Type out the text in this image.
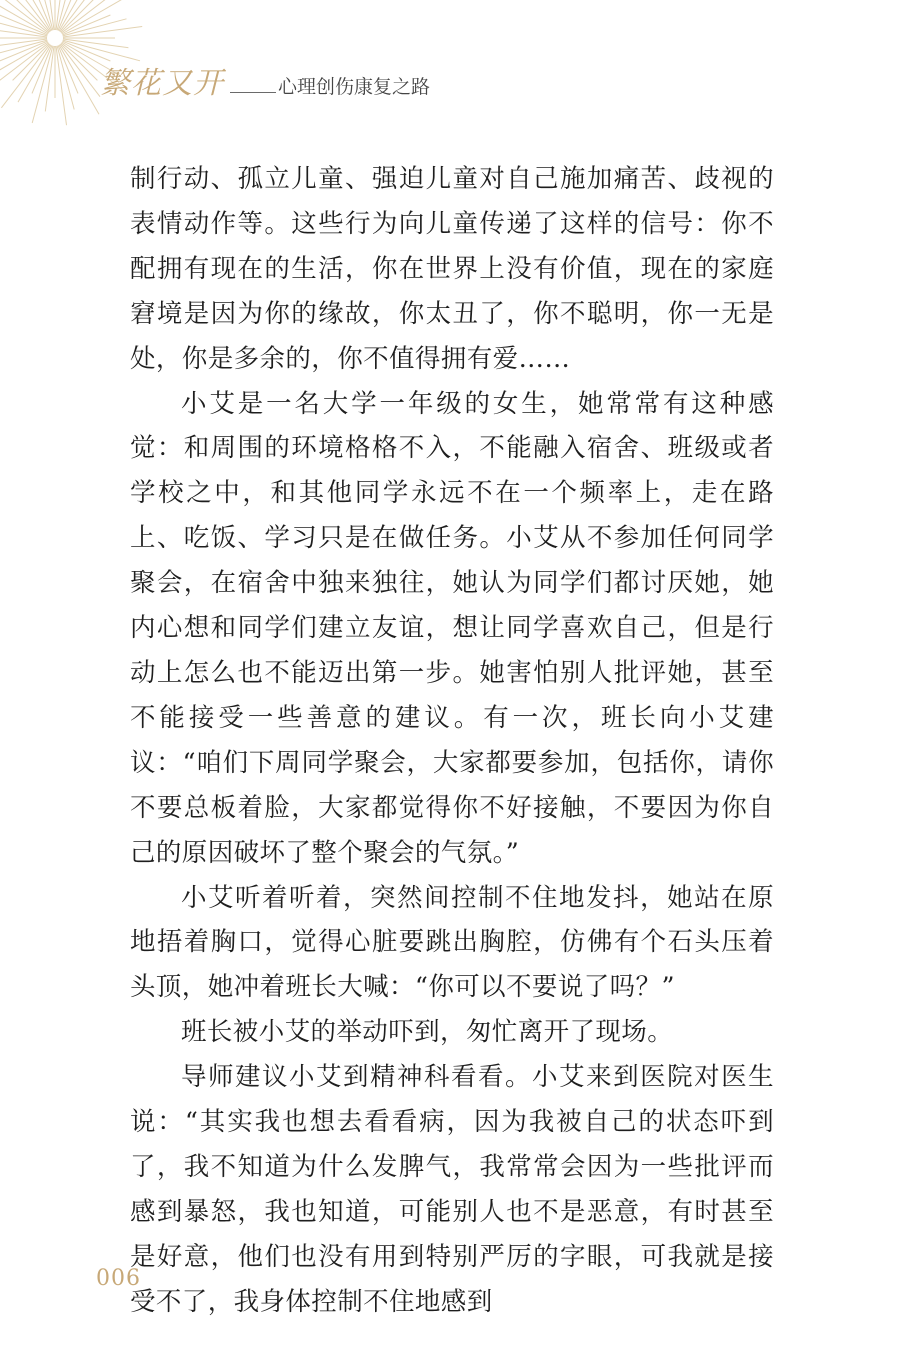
繁花又开	心理创伤康复之路

制行动、孤立儿童、强迫儿童对自己施加痛苦、歧视的表情动作等。这些行为向儿童传递了这样的信号：你不配拥有现在的生活，你在世界上没有价值，现在的家庭窘境是因为你的缘故，你太丑了，你不聪明，你一无是处，你是多余的，你不值得拥有爱……

小艾是一名大学一年级的女生，她常常有这种感觉：和周围的环境格格不入，不能融入宿舍、班级或者学校之中，和其他同学永远不在一个频率上，走在路上、吃饭、学习只是在做任务。小艾从不参加任何同学聚会，在宿舍中独来独往，她认为同学们都讨厌她，她内心想和同学们建立友谊，想让同学喜欢自己，但是行动上怎么也不能迈出第一步。她害怕别人批评她，甚至不能接受一些善意的建议。有一次，班长向小艾建议：“咱们下周同学聚会，大家都要参加，包括你，请你不要总板着脸，大家都觉得你不好接触，不要因为你自己的原因破坏了整个聚会的气氛。”

小艾听着听着，突然间控制不住地发抖，她站在原地捂着胸口，觉得心脏要跳出胸腔，仿佛有个石头压着头顶，她冲着班长大喊：“你可以不要说了吗？”

班长被小艾的举动吓到，匆忙离开了现场。

导师建议小艾到精神科看看。小艾来到医院对医生说：“其实我也想去看看病，因为我被自己的状态吓到了，我不知道为什么发脾气，我常常会因为一些批评而感到暴怒，我也知道，可能别人也不是恶意，有时甚至是好意，他们也没有用到特别严厉的字眼，可我就是接受不了，我身体控制不住地感到

006
